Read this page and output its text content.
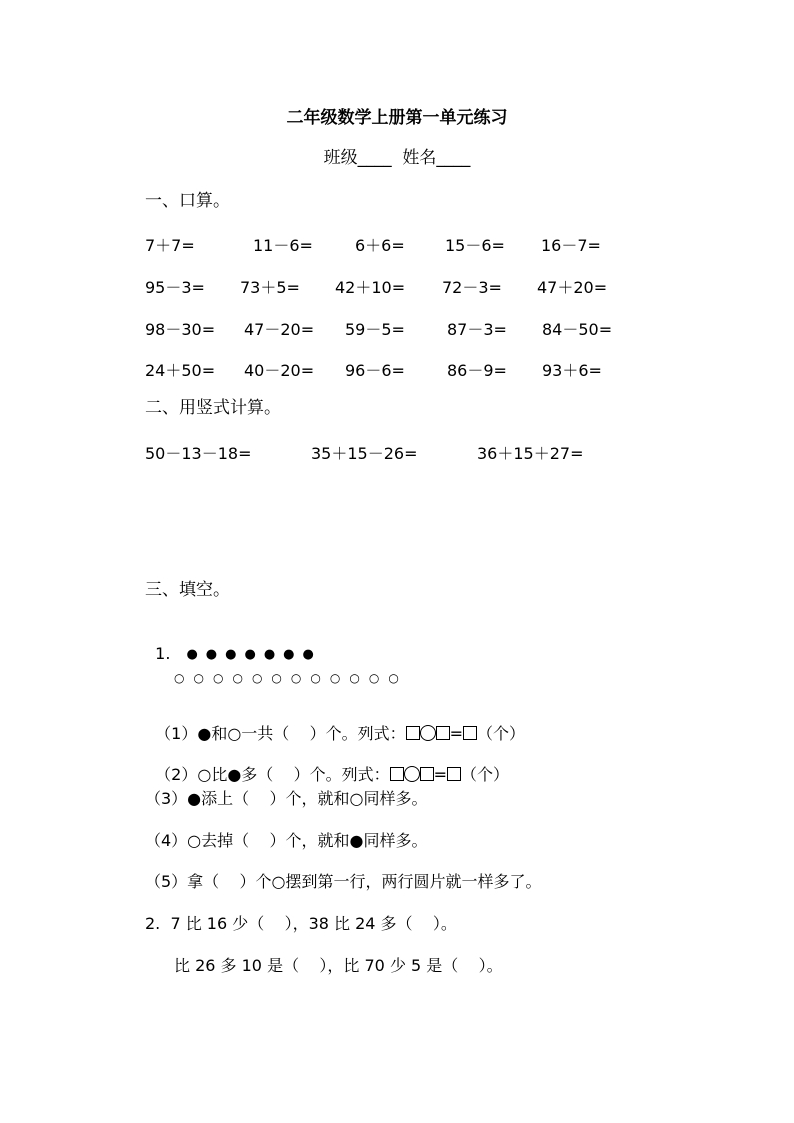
二年级数学上册第一单元练习
班级____  姓名____
一、口算。
7＋7=	11－6=	6＋6=	15－6= 16－7=
95－3= 73＋5= 42＋10= 72－3= 47＋20=
98－30= 47－20= 59－5=	87－3= 84－50=
24＋50= 40－20= 96－6=	86－9= 93＋6=
二、用竖式计算。
50－13－18=	35＋15－26=	36＋15＋27=
三、填空。

1. ● ● ● ● ● ● ●

○ ○ ○ ○ ○ ○ ○ ○ ○ ○ ○ ○

（1）●和○一共（    ）个。列式：	= （个）

（2）○比●多（    ）个。列式：	= （个）

（3）●添上（    ）个，就和○同样多。
（4）○去掉（    ）个，就和●同样多。
（5）拿（    ）个○摆到第一行，两行圆片就一样多了。
2.  7 比 16 少（    ），38 比 24 多（    ）。
比 26 多 10 是（    ），比 70 少 5 是（    ）。
